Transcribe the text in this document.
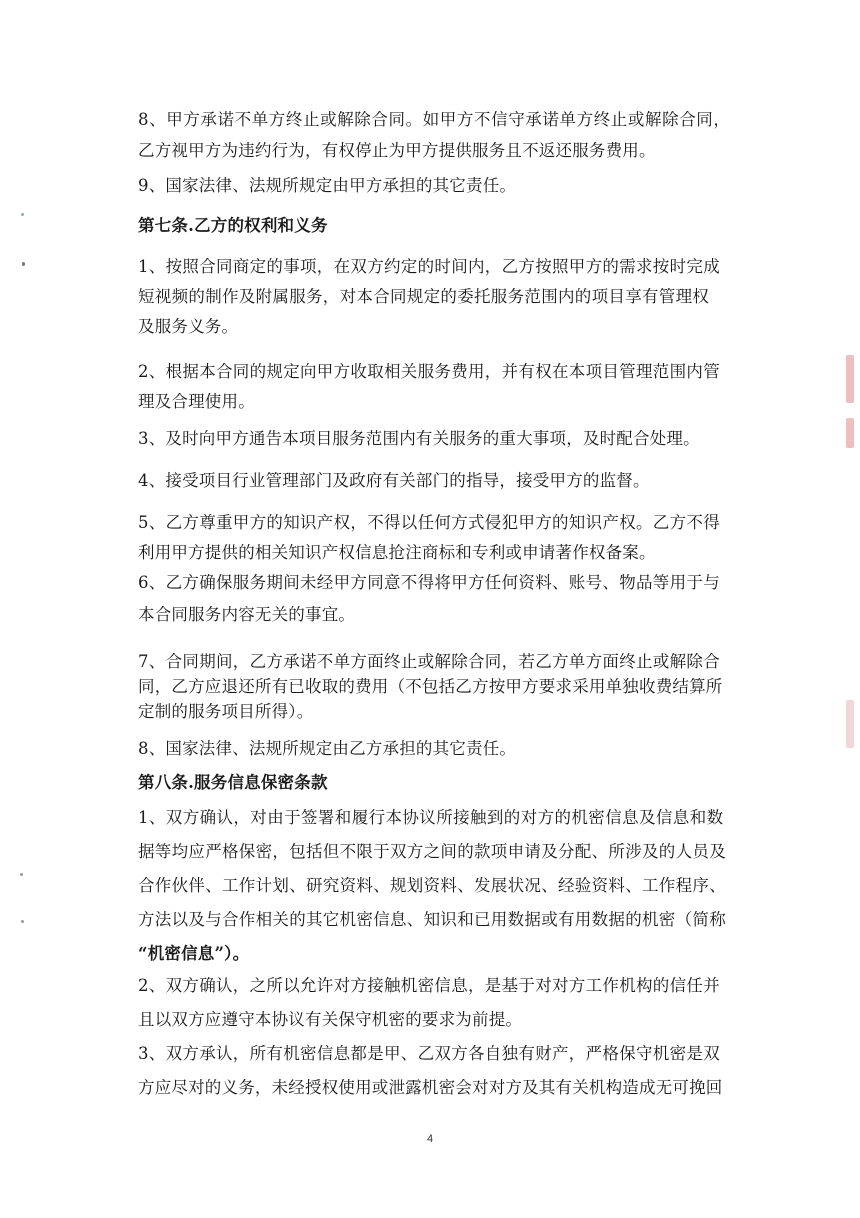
8、甲方承诺不单方终止或解除合同。如甲方不信守承诺单方终止或解除合同，
乙方视甲方为违约行为，有权停止为甲方提供服务且不返还服务费用。
9、国家法律、法规所规定由甲方承担的其它责任。
第七条.乙方的权利和义务
1、按照合同商定的事项，在双方约定的时间内，乙方按照甲方的需求按时完成
短视频的制作及附属服务，对本合同规定的委托服务范围内的项目享有管理权
及服务义务。
2、根据本合同的规定向甲方收取相关服务费用，并有权在本项目管理范围内管
理及合理使用。
3、及时向甲方通告本项目服务范围内有关服务的重大事项，及时配合处理。
4、接受项目行业管理部门及政府有关部门的指导，接受甲方的监督。
5、乙方尊重甲方的知识产权，不得以任何方式侵犯甲方的知识产权。乙方不得
利用甲方提供的相关知识产权信息抢注商标和专利或申请著作权备案。
6、乙方确保服务期间未经甲方同意不得将甲方任何资料、账号、物品等用于与
本合同服务内容无关的事宜。
7、合同期间，乙方承诺不单方面终止或解除合同，若乙方单方面终止或解除合
同，乙方应退还所有已收取的费用（不包括乙方按甲方要求采用单独收费结算所
定制的服务项目所得）。
8、国家法律、法规所规定由乙方承担的其它责任。
第八条.服务信息保密条款
1、双方确认，对由于签署和履行本协议所接触到的对方的机密信息及信息和数
据等均应严格保密，包括但不限于双方之间的款项申请及分配、所涉及的人员及
合作伙伴、工作计划、研究资料、规划资料、发展状况、经验资料、工作程序、
方法以及与合作相关的其它机密信息、知识和已用数据或有用数据的机密（简称
“机密信息”）。
2、双方确认，之所以允许对方接触机密信息，是基于对对方工作机构的信任并
且以双方应遵守本协议有关保守机密的要求为前提。
3、双方承认，所有机密信息都是甲、乙双方各自独有财产，严格保守机密是双
方应尽对的义务，未经授权使用或泄露机密会对对方及其有关机构造成无可挽回
4
